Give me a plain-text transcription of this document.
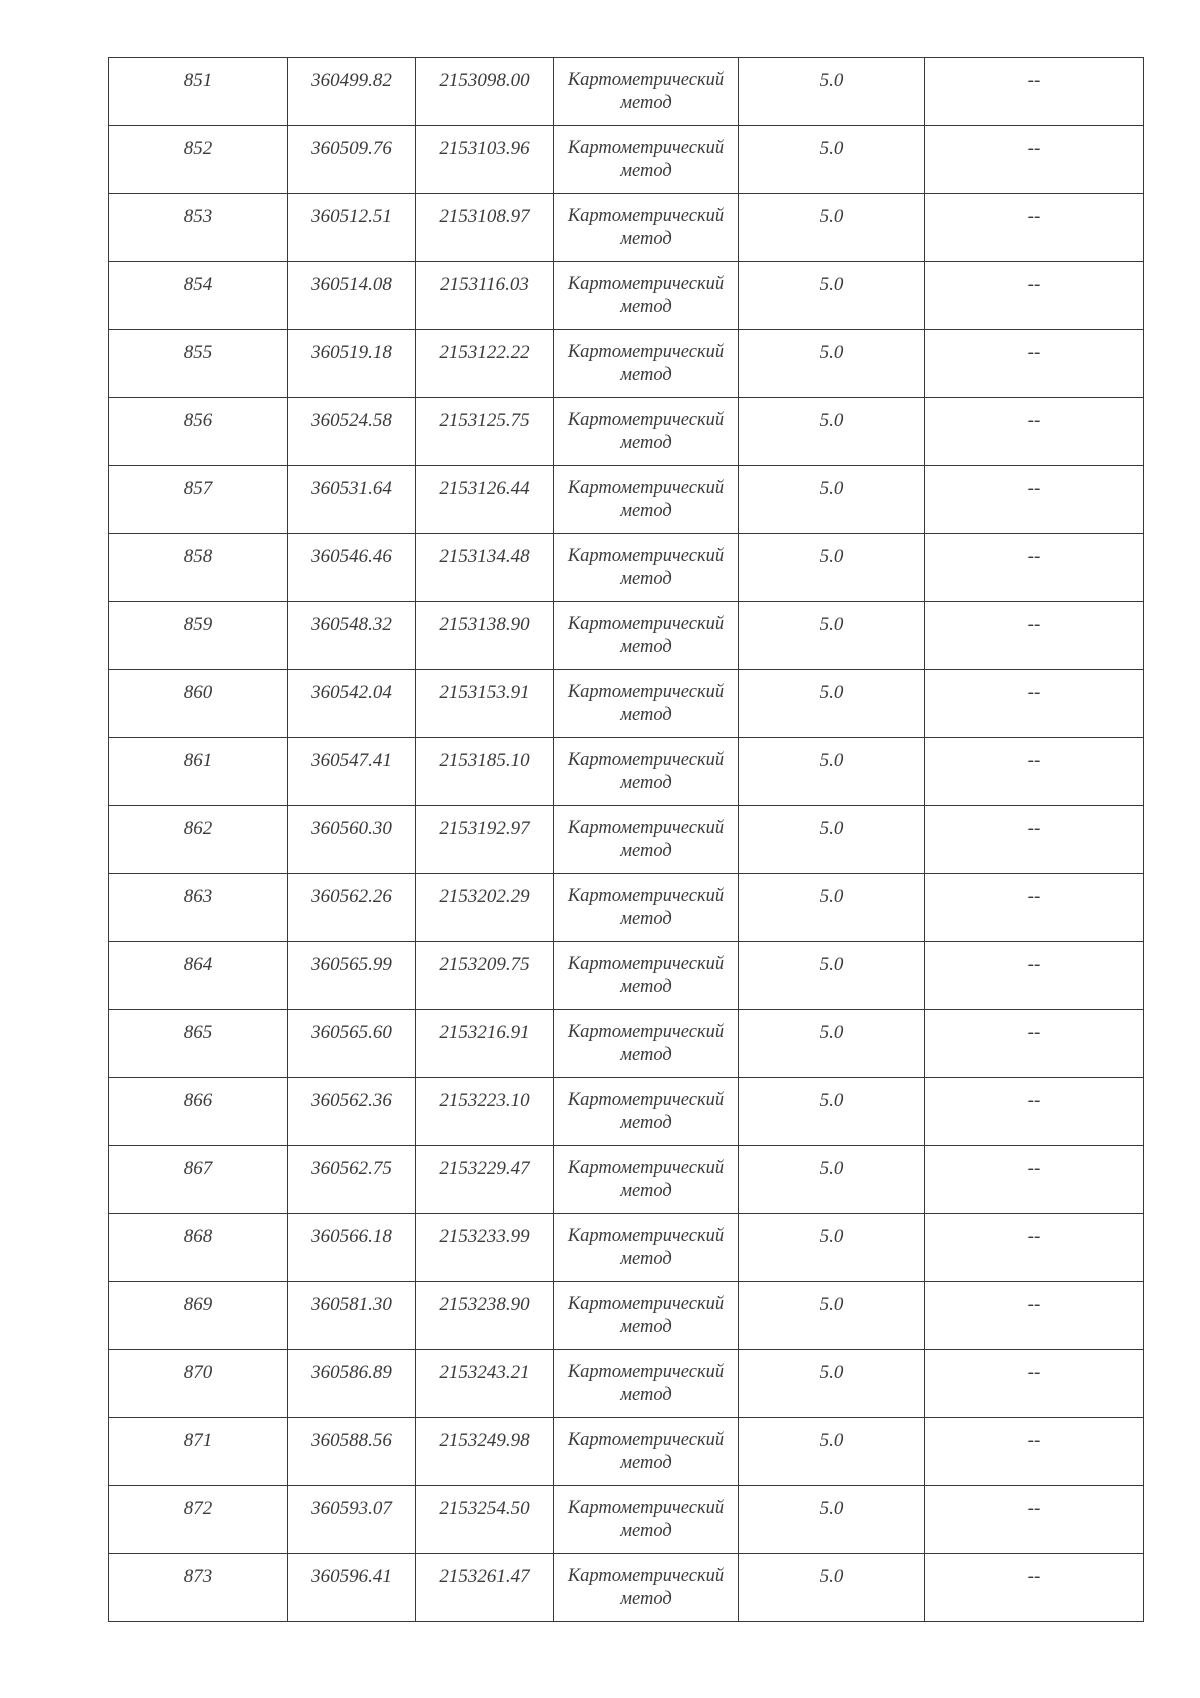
851	360499.82	2153098.00	Картометрический
метод	5.0	--

852	360509.76	2153103.96	Картометрический
метод	5.0	--

853	360512.51	2153108.97	Картометрический
метод	5.0	--

854	360514.08	2153116.03	Картометрический
метод	5.0	--

855	360519.18	2153122.22	Картометрический
метод	5.0	--

856	360524.58	2153125.75	Картометрический
метод	5.0	--

857	360531.64	2153126.44	Картометрический
метод	5.0	--

858	360546.46	2153134.48	Картометрический
метод	5.0	--

859	360548.32	2153138.90	Картометрический
метод	5.0	--

860	360542.04	2153153.91	Картометрический
метод	5.0	--

861	360547.41	2153185.10	Картометрический
метод	5.0	--

862	360560.30	2153192.97	Картометрический
метод	5.0	--

863	360562.26	2153202.29	Картометрический
метод	5.0	--

864	360565.99	2153209.75	Картометрический
метод	5.0	--

865	360565.60	2153216.91	Картометрический
метод	5.0	--

866	360562.36	2153223.10	Картометрический
метод	5.0	--

867	360562.75	2153229.47	Картометрический
метод	5.0	--

868	360566.18	2153233.99	Картометрический
метод	5.0	--

869	360581.30	2153238.90	Картометрический
метод	5.0	--

870	360586.89	2153243.21	Картометрический
метод	5.0	--

871	360588.56	2153249.98	Картометрический
метод	5.0	--

872	360593.07	2153254.50	Картометрический
метод	5.0	--

873	360596.41	2153261.47	Картометрический
метод	5.0	--
